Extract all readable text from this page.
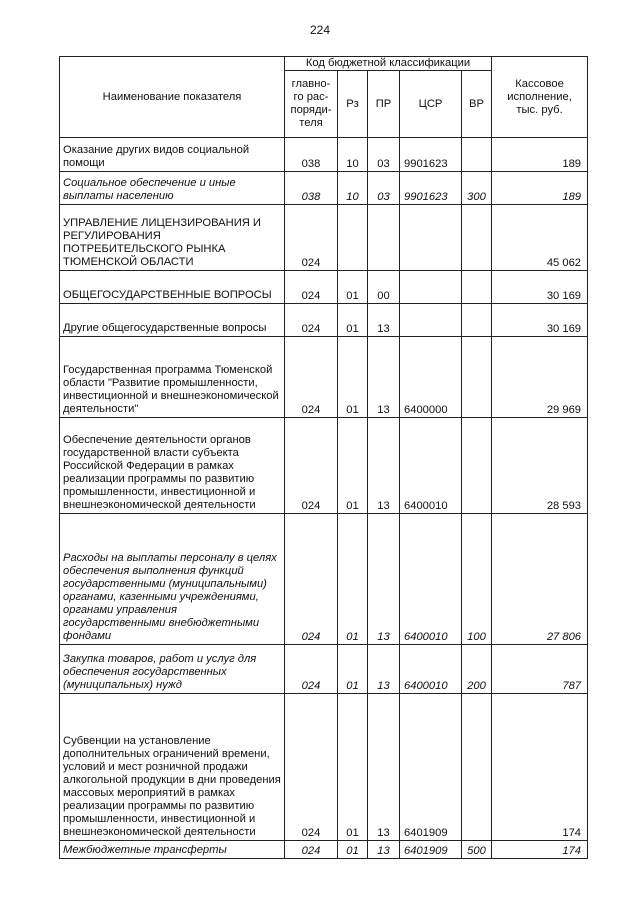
224
Наименование показателя	Код бюджетной классификации					Кассовое исполнение, тыс. руб.
	главно-
го рас-
поряди-
теля	Рз	ПР	ЦСР	ВР	
Оказание других видов социальной помощи	038	10	03	9901623		189
Социальное обеспечение и иные выплаты населению	038	10	03	9901623	300	189
УПРАВЛЕНИЕ ЛИЦЕНЗИРОВАНИЯ И РЕГУЛИРОВАНИЯ ПОТРЕБИТЕЛЬСКОГО РЫНКА ТЮМЕНСКОЙ ОБЛАСТИ	024					45 062
ОБЩЕГОСУДАРСТВЕННЫЕ ВОПРОСЫ	024	01	00			30 169
Другие общегосударственные вопросы	024	01	13			30 169
Государственная программа Тюменской области "Развитие промышленности, инвестиционной и внешнеэкономической деятельности"	024	01	13	6400000		29 969
Обеспечение деятельности органов государственной власти субъекта Российской Федерации в рамках реализации программы по развитию промышленности, инвестиционной и внешнеэкономической деятельности	024	01	13	6400010		28 593
Расходы на выплаты персоналу в целях обеспечения выполнения функций государственными (муниципальными) органами, казенными учреждениями, органами управления государственными внебюджетными фондами	024	01	13	6400010	100	27 806
Закупка товаров, работ и услуг для обеспечения государственных (муниципальных) нужд	024	01	13	6400010	200	787
Субвенции на установление дополнительных ограничений времени, условий и мест розничной продажи алкогольной продукции в дни проведения массовых мероприятий в рамках реализации программы по развитию промышленности, инвестиционной и внешнеэкономической деятельности	024	01	13	6401909		174
Межбюджетные трансферты	024	01	13	6401909	500	174
